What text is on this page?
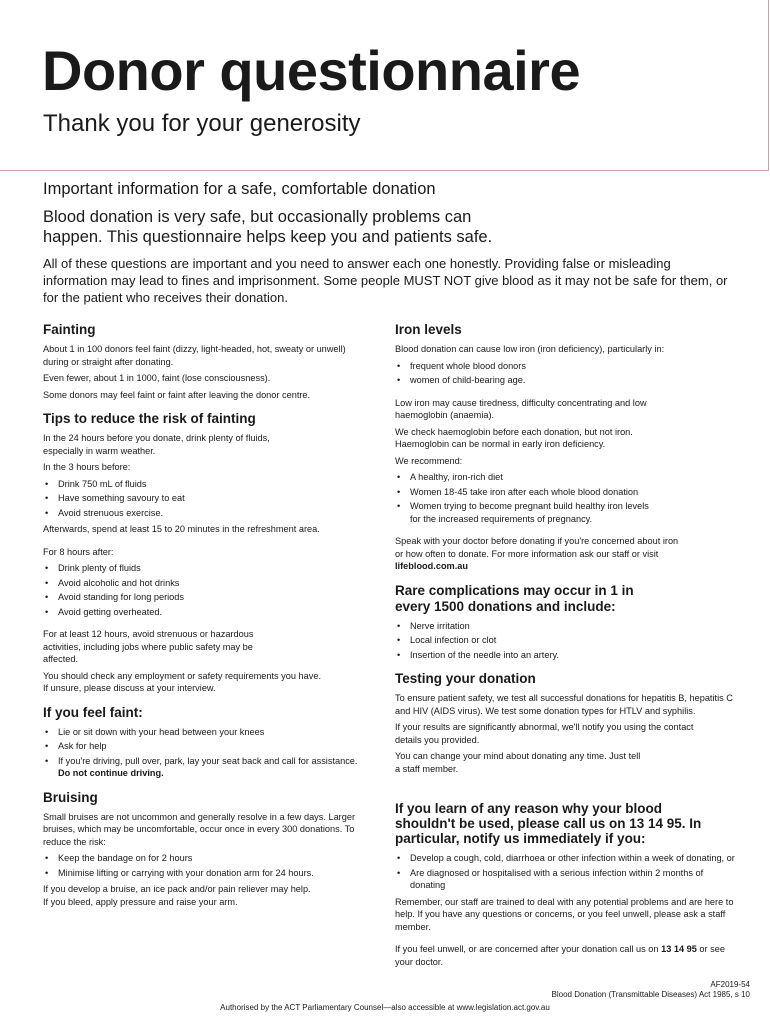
Donor questionnaire
Thank you for your generosity
Important information for a safe, comfortable donation
Blood donation is very safe, but occasionally problems can
happen. This questionnaire helps keep you and patients safe.
All of these questions are important and you need to answer each one honestly. Providing false or misleading information may lead to fines and imprisonment. Some people MUST NOT give blood as it may not be safe for them, or for the patient who receives their donation.
Fainting

About 1 in 100 donors feel faint (dizzy, light-headed, hot, sweaty or unwell) during or straight after donating.

Even fewer, about 1 in 1000, faint (lose consciousness).

Some donors may feel faint or faint after leaving the donor centre.

Tips to reduce the risk of fainting

In the 24 hours before you donate, drink plenty of fluids, especially in warm weather.

In the 3 hours before:

• Drink 750 mL of fluids
• Have something savoury to eat
• Avoid strenuous exercise.

Afterwards, spend at least 15 to 20 minutes in the refreshment area.

For 8 hours after:

• Drink plenty of fluids
• Avoid alcoholic and hot drinks
• Avoid standing for long periods
• Avoid getting overheated.

For at least 12 hours, avoid strenuous or hazardous activities, including jobs where public safety may be affected.

You should check any employment or safety requirements you have. If unsure, please discuss at your interview.

If you feel faint:
• Lie or sit down with your head between your knees
• Ask for help
• If you're driving, pull over, park, lay your seat back and call for assistance.
Do not continue driving.
Bruising

Small bruises are not uncommon and generally resolve in a few days. Larger bruises, which may be uncomfortable, occur once in every 300 donations. To reduce the risk:

• Keep the bandage on for 2 hours
• Minimise lifting or carrying with your donation arm for 24 hours.

If you develop a bruise, an ice pack and/or pain reliever may help. If you bleed, apply pressure and raise your arm.

Iron levels

Blood donation can cause low iron (iron deficiency), particularly in:

• frequent whole blood donors
• women of child-bearing age.

Low iron may cause tiredness, difficulty concentrating and low haemoglobin (anaemia).

We check haemoglobin before each donation, but not iron. Haemoglobin can be normal in early iron deficiency.

We recommend:

• A healthy, iron-rich diet
• Women 18-45 take iron after each whole blood donation
• Women trying to become pregnant build healthy iron levels for the increased requirements of pregnancy.

Speak with your doctor before donating if you're concerned about iron or how often to donate. For more information ask our staff or visit lifeblood.com.au

Rare complications may occur in 1 in every 1500 donations and include:
• Nerve irritation
• Local infection or clot
• Insertion of the needle into an artery.
Testing your donation

To ensure patient safety, we test all successful donations for hepatitis B, hepatitis C and HIV (AIDS virus). We test some donation types for HTLV and syphilis.

If your results are significantly abnormal, we'll notify you using the contact details you provided.

You can change your mind about donating any time. Just tell a staff member.

If you learn of any reason why your blood shouldn't be used, please call us on 13 14 95. In particular, notify us immediately if you:
• Develop a cough, cold, diarrhoea or other infection within a week of donating, or
• Are diagnosed or hospitalised with a serious infection within 2 months of donating

Remember, our staff are trained to deal with any potential problems and are here to help. If you have any questions or concerns, or you feel unwell, please ask a staff member.

If you feel unwell, or are concerned after your donation call us on 13 14 95 or see your doctor.

AF2019-54
Blood Donation (Transmittable Diseases) Act 1985, s 10
Authorised by the ACT Parliamentary Counsel—also accessible at www.legislation.act.gov.au
